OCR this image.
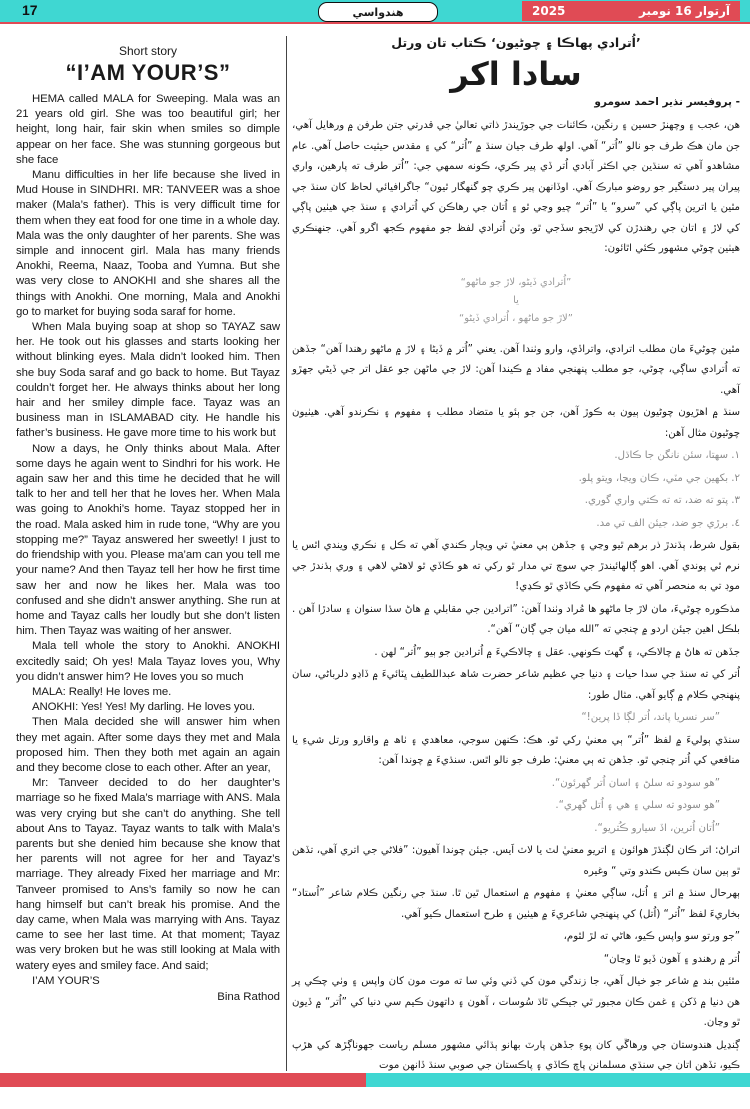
17	هندواسي	آرتوار 16 نومبر
2025
Short story
“I’AM YOUR’S”

HEMA called MALA for Sweeping. Mala was an 21 years old girl. She was too beautiful girl; her height, long hair, fair skin when smiles so dimple appear on her face. She was stunning gorgeous but she face

Manu difficulties in her life because she lived in Mud House in SINDHRI. MR: TANVEER was a shoe maker (Mala’s father). This is very difficult time for them when they eat food for one time in a whole day. Mala was the only daughter of her parents. She was simple and innocent girl. Mala has many friends Anokhi, Reema, Naaz, Tooba and Yumna. But she was very close to ANOKHI and she shares all the things with Anokhi. One morning, Mala and Anokhi go to market for buying soda saraf for home.

When Mala buying soap at shop so TAYAZ saw her. He took out his glasses and starts looking her without blinking eyes. Mala didn’t looked him. Then she buy Soda saraf and go back to home. But Tayaz couldn’t forget her. He always thinks about her long hair and her smiley dimple face. Tayaz was an business man in ISLAMABAD city. He handle his father’s business. He gave more time to his work but

Now a days, he Only thinks about Mala. After some days he again went to Sindhri for his work. He again saw her and this time he decided that he will talk to her and tell her that he loves her. When Mala was going to Anokhi’s home. Tayaz stopped her in the road. Mala asked him in rude tone, “Why are you stopping me?” Tayaz answered her sweetly! I just to do friendship with you. Please ma’am can you tell me your name? And then Tayaz tell her how he first time saw her and now he likes her. Mala was too confused and she didn’t answer anything. She run at home and Tayaz calls her loudly but she don’t listen him. Then Tayaz was waiting of her answer.

Mala tell whole the story to Anokhi. ANOKHI excitedly said; Oh yes! Mala Tayaz loves you, Why you didn’t answer him? He loves you so much

MALA: Really! He loves me.

ANOKHI: Yes! Yes! My darling. He loves you.

Then Mala decided she will answer him when they met again. After some days they met and Mala proposed him. Then they both met again an again and they become close to each other. After an year,

Mr: Tanveer decided to do her daughter’s marriage so he fixed Mala’s marriage with ANS. Mala was very crying but she can’t do anything. She tell about Ans to Tayaz. Tayaz wants to talk with Mala’s parents but she denied him because she know that her parents will not agree for her and Tayaz’s marriage. They already Fixed her marriage and Mr: Tanveer promised to Ans’s family so now he can hang himself but can’t break his promise. And the day came, when Mala was marrying with Ans. Tayaz came to see her last time. At that moment; Tayaz was very broken but he was still looking at Mala with watery eyes and smiley face. And said;

I’AM YOUR’S

Bina Rathod

’اُترادي پھاڪا ۽ چوڻيون‘ ڪتاب تان ورتل

سادا اکر
- پروفيسر نذير احمد سومرو

هن، عجب ۽ وچھنڙ حسين ۽ رنگين، ڪائنات جي جوڙيندڙ ذاتي تعاليٰ جي قدرتي جتن طرفن ۾ ورھايل آھي، جن مان ھڪ طرف جو نالو ”اُتر“ آھي. اولھ طرف جيان سنڌ ۾ ”اُتر“ کي ۽ مقدس حيثيت حاصل آھي. عام مشاھدو آھي ته سنڌين جي اڪثر آبادي اُتر ڏي پير ڪري، ڪونه سمھي جي: ”اُتر طرف ته پارھين، واري پيران پير دستگير جو روضو مبارڪ آھي. اوڏانھن پير ڪري چو گنھگار ٿيون“ جاگرافيائي لحاظ کان سنڌ جي مٿين يا اترين پاڳي کي ”سرو“ يا ”اُتر“ چيو وڃي ٿو ۽ اُتان جي رھاڪن کي اُترادي ۽ سنڌ جي ھيٺين پاڳي کي لاڙ ۽ اتان جي رھندڙن کي لاڙيجو سڏجي ٿو. وٽن اُترادي لفظ جو مفھوم ڪجھ اگرو آھي. جنھنڪري ھيٺين چوڻي مشھور ڪئي اٿائون:

”اُترادي ڏيڻو، لاڙ جو ماڻھو“
يا
”لاڙ جو ماڻھو ، اُترادي ڏيڻو“

مٿين چوڻيءَ مان مطلب اترادي، واتراڏي، وارو وٺندا آھن. يعني ”اُتر ۾ ڏيڻا ۽ لاڙ ۾ ماڻھو رھندا آھن“ جڏھن ته اُترادي ساڳي، چوڻي، جو مطلب پنھنجي مفاد ۾ ڪيندا آھن: لاڙ جي ماڻھن جو عقل اتر جي ڏيڻي جھڙو آھي.

سنڌ ۾ اھڙيون چوڻيون ٻيون به ڪوڙ آھن، جن جو ٻئو يا متضاد مطلب ۽ مفھوم ۽ نڪرندو آھي. ھيٺيون چوڻيون مثال آھن:

١. سھتا، سئن نانگن جا ڪاڌل.

٢. بکھين جي مٽي، ڪان ويڃا، ويتو پلو.

٣. پتو ته ضد، ته ته ڪتي واري گوري.

٤. برڙي جو ضد، جيئن الف تي مد.

بقول شرط، ٻڌندڙ ذر برھم ٿيو وڃي ۽ جڏھن ٻي معنيٰ تي ويچار ڪندي آھي ته ڪل ۽ نڪري ويندي اٿس يا نرم ٿي پوندي آھي. اھو ڳالھائيندڙ جي سوچ تي مدار ٿو رکي ته ھو ڪاڏي ٿو لاھڻي لاھي ۽ وري ٻڌندڙ جي موڊ تي به منحصر آھي ته مفھوم ڪي ڪاڏي ٿو ڪڍي!

مذڪوره چوڻيءَ، مان لاڙ جا ماڻھو ھا مُراد وٺندا آھن: ”اترادين جي مقابلي ۾ ھاڻ سڌا سنوان ۽ سادڙا آھن . بلڪل اھين جيئن اردو ۾ چنجي ته ”الله ميان جي ڳان“ آھن“.

جڏھن ته ھاڻ ۾ چالاڪي، ۽ گھٽ ڪونھي. عقل ۽ چالاڪيءَ ۾ اُترادين جو ٻيو ”اُتر“ لھن .

اُتر کي ته سنڌ جي سدا حيات ۽ دنيا جي عظيم شاعر حضرت شاھ عبداللطيف ڀٽائيءَ ۾ ڏاڍو دلرباڻي، سان پنھنجي ڪلام ۾ ڳايو آھي. مثال طور:

”سر نسريا پاند، اُتر لڳا ڏا پرين!“

سنڌي ٻوليءَ ۾ لفظ ”اُتر“ ٻي معنيٰ رکي ٿو. ھڪ: ڪنھن سوجي، معاھدي ۽ ٺاھ ۾ واقارو ورتل شيءِ يا منافعي کي اُتر چنجي ٿو. جڏھن ته ٻي معنيٰ: طرف جو نالو اٿس. سنڌيءَ ۾ چوندا آھن:

”ھو سودو ته سلڻ ۽ اسان اُتر گھرئون“.

”ھو سودو ته سلي ۽ ھي ۽ اُتل گھري“.

”اُتان اُترين، اڏ سيارو ڪُتريو“.

اتراڻ: اتر ڪان لڳنڌڙ ھوائون ۽ اتريو معنيٰ لٽ يا لاٽ اَيس. جيئن چوندا آھيون: ”فلاڻي جي اتري آھي، تڏھن ٿو ٻين سان ڪيس ڪندو وتي “ وغيره

ٻھرحال سنڌ ۾ اتر ۽ اُتل، ساڳي معنيٰ ۽ مفھوم ۾ استعمال ٿين ٿا. سنڌ جي رنگين ڪلام شاعر ”اُستاد“ بخاريءَ لفظ ”اُتر“ (اُتل) کي پنھنجي شاعريءَ ۾ ھيٺين ۽ طرح استعمال ڪيو آھي.

”جو ورتو سو واپس ڪيو، ھاڻي ته لڙ لٿوم،

اُتر ۾ رھندو ۽ آھون ڏيو ٿا وڃان“

مٿئين بند ۾ شاعر جو خيال آھي، جا زندگي مون کي ڏني وئي سا ته موت مون کان واپس ۽ وٺي چڪي پر ھن دنيا ۾ ڏکن ۽ غمن ڪان مجبور ٿي جيڪي ٿاڌ سُوسات ، آھون ۽ داتھون ڪيم سي دنيا کي ”اُتر“ ۾ ڏيون ٿو وڃان.

ڳنڍيل ھندوستان جي ورھاڱي کان پوءِ جڏھن پارٽ بھانو ٻڌائي مشھور مسلم رياست جھوناڳڙھ کي ھڙپ ڪيو، تڏھن اتان جي سنڌي مسلمانن پاڇ ڪاڏي ۽ پاڪستان جي صوبي سنڌ ڏانھن موت
